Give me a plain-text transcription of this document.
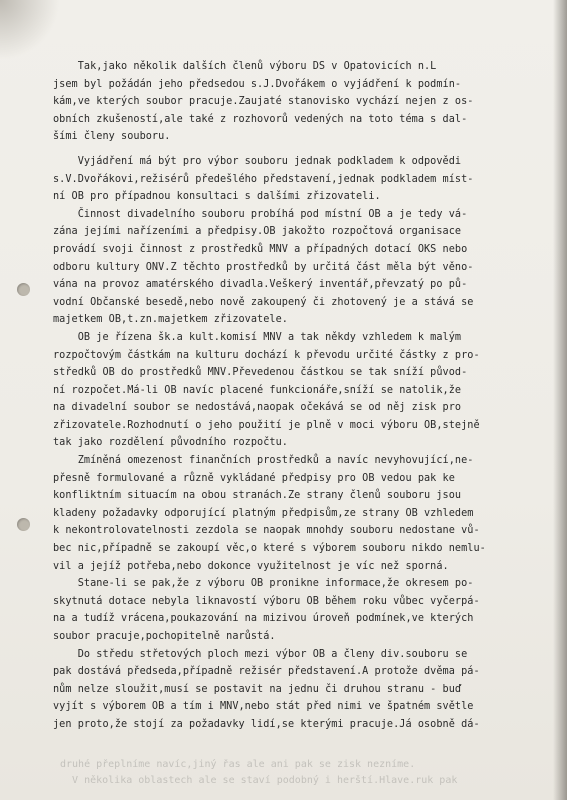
Tak,jako několik dalších členů výboru DS v Opatovicích n.L
jsem byl požádán jeho předsedou s.J.Dvořákem o vyjádření k podmín-
kám,ve kterých soubor pracuje.Zaujaté stanovisko vychází nejen z os-
obních zkušeností,ale také z rozhovorů vedených na toto téma s dal-
šími členy souboru.
Vyjádření má být pro výbor souboru jednak podkladem k odpovědi
s.V.Dvořákovi,režisérů předešlého představení,jednak podkladem míst-
ní OB pro případnou konsultaci s dalšími zřizovateli.
Činnost divadelního souboru probíhá pod místní OB a je tedy vá-
zána jejími nařízeními a předpisy.OB jakožto rozpočtová organisace
provádí svoji činnost z prostředků MNV a případných dotací OKS nebo
odboru kultury ONV.Z těchto prostředků by určitá část měla být věno-
vána na provoz amatérského divadla.Veškerý inventář,převzatý po pů-
vodní Občanské besedě,nebo nově zakoupený či zhotovený je a stává se
majetkem OB,t.zn.majetkem zřizovatele.
OB je řízena šk.a kult.komisí MNV a tak někdy vzhledem k malým
rozpočtovým částkám na kulturu dochází k převodu určité částky z pro-
středků OB do prostředků MNV.Převedenou částkou se tak sníží původ-
ní rozpočet.Má-li OB navíc placené funkcionáře,sníží se natolik,že
na divadelní soubor se nedostává,naopak očekává se od něj zisk pro
zřizovatele.Rozhodnutí o jeho použití je plně v moci výboru OB,stejně
tak jako rozdělení původního rozpočtu.
Zmíněná omezenost finančních prostředků a navíc nevyhovující,ne-
přesně formulované a různě vykládané předpisy pro OB vedou pak ke
konfliktním situacím na obou stranách.Ze strany členů souboru jsou
kladeny požadavky odporující platným předpisům,ze strany OB vzhledem
k nekontrolovatelnosti zezdola se naopak mnohdy souboru nedostane vů-
bec nic,případně se zakoupí věc,o které s výborem souboru nikdo nemlu-
vil a jejíž potřeba,nebo dokonce využitelnost je víc než sporná.
Stane-li se pak,že z výboru OB pronikne informace,že okresem po-
skytnutá dotace nebyla liknavostí výboru OB během roku vůbec vyčerpá-
na a tudíž vrácena,poukazování na mizivou úroveň podmínek,ve kterých
soubor pracuje,pochopitelně narůstá.
Do středu střetových ploch mezi výbor OB a členy div.souboru se
pak dostává předseda,případně režisér představení.A protože dvěma pá-
nům nelze sloužit,musí se postavit na jednu či druhou stranu - buď
vyjít s výborem OB a tím i MNV,nebo stát před nimi ve špatném světle
jen proto,že stojí za požadavky lidí,se kterými pracuje.Já osobně dá-
druhé přeplníme navíc,jiný řas ale ani pak se zisk nezníme.
V několika oblastech ale se staví podobný i herští.Hlave.ruk pak
